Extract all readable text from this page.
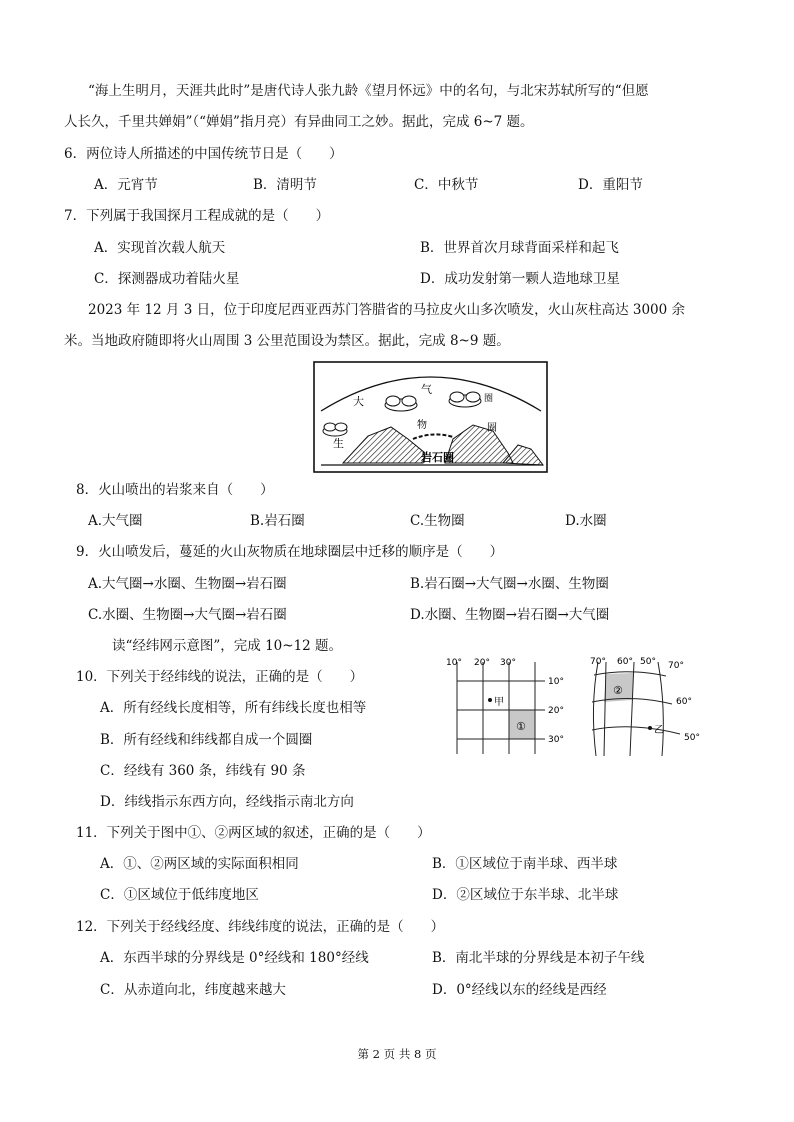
“海上生明月，天涯共此时”是唐代诗人张九龄《望月怀远》中的名句，与北宋苏轼所写的“但愿
人长久，千里共婵娟”（“婵娟”指月亮）有异曲同工之妙。据此，完成 6~7 题。
6．两位诗人所描述的中国传统节日是（　　）
A．元宵节	B．清明节	C．中秋节	D．重阳节
7．下列属于我国探月工程成就的是（　　）
A．实现首次载人航天	B．世界首次月球背面采样和起飞
C．探测器成功着陆火星	D．成功发射第一颗人造地球卫星
2023 年 12 月 3 日，位于印度尼西亚西苏门答腊省的马拉皮火山多次喷发，火山灰柱高达 3000 余
米。当地政府随即将火山周围 3 公里范围设为禁区。据此，完成 8~9 题。
大
气
圈
物	圈
生
岩石圈
8．火山喷出的岩浆来自（　　）
A.大气圈	B.岩石圈	C.生物圈	D.水圈
9．火山喷发后，蔓延的火山灰物质在地球圈层中迁移的顺序是（　　）
A.大气圈→水圈、生物圈→岩石圈	B.岩石圈→大气圈→水圈、生物圈
C.水圈、生物圈→大气圈→岩石圈	D.水圈、生物圈→岩石圈→大气圈
读“经纬网示意图”，完成 10~12 题。
10° 20° 30°
10°
20°
30°
甲
①
70° 60° 50° 70°
60°
50°
②
乙
10．下列关于经纬线的说法，正确的是（　　）
A．所有经线长度相等，所有纬线长度也相等
B．所有经线和纬线都自成一个圆圈
C．经线有 360 条，纬线有 90 条
D．纬线指示东西方向，经线指示南北方向
11．下列关于图中①、②两区域的叙述，正确的是（　　）
A．①、②两区域的实际面积相同	B．①区域位于南半球、西半球
C．①区域位于低纬度地区	D．②区域位于东半球、北半球
12．下列关于经线经度、纬线纬度的说法，正确的是（　　）
A．东西半球的分界线是 0°经线和 180°经线	B．南北半球的分界线是本初子午线
C．从赤道向北，纬度越来越大	D．0°经线以东的经线是西经
第 2 页 共 8 页
